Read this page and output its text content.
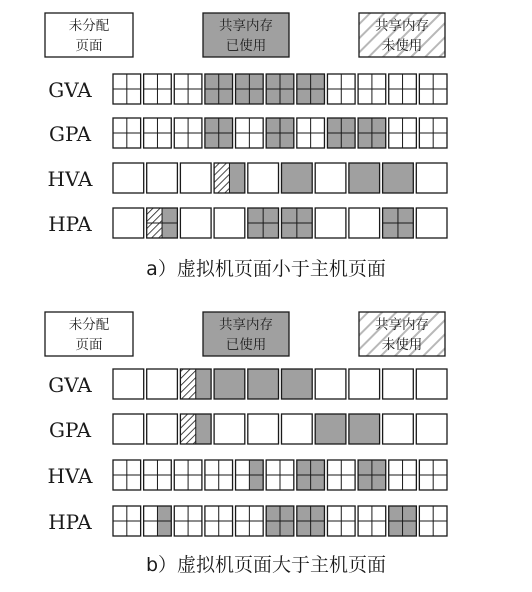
未分配
页面
共享内存
已使用
共享内存
未使用
GVA
GPA
HVA
HPA
a）虚拟机页面小于主机页面
未分配
页面
共享内存
已使用
共享内存
未使用
GVA
GPA
HVA
HPA
b）虚拟机页面大于主机页面
